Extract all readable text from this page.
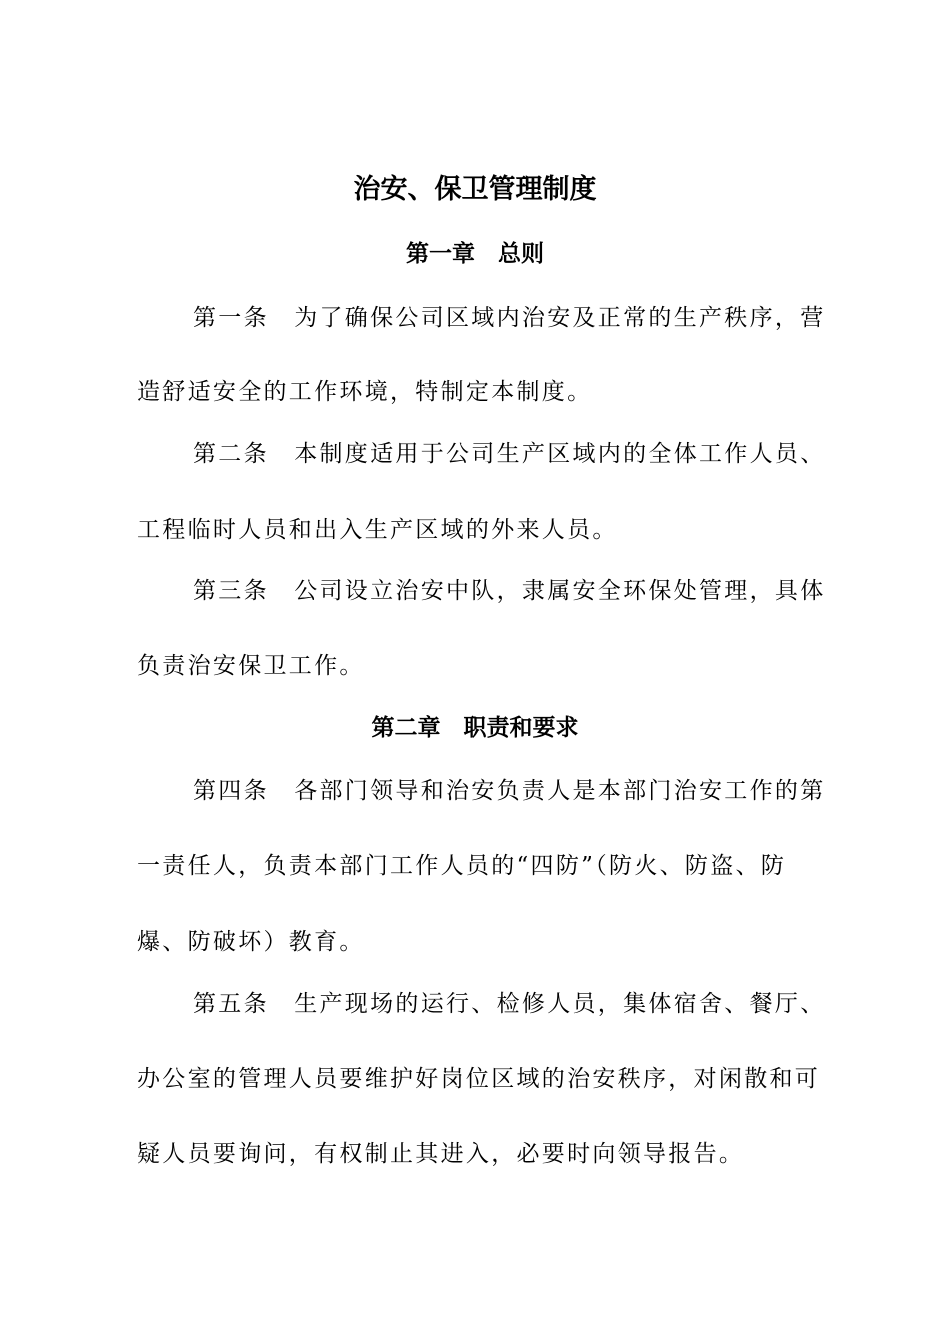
治安、保卫管理制度
第一章　总则

第一条　为了确保公司区域内治安及正常的生产秩序，营

造舒适安全的工作环境，特制定本制度。

第二条　本制度适用于公司生产区域内的全体工作人员、

工程临时人员和出入生产区域的外来人员。

第三条　公司设立治安中队，隶属安全环保处管理，具体

负责治安保卫工作。

第二章　职责和要求

第四条　各部门领导和治安负责人是本部门治安工作的第

一责任人，负责本部门工作人员的“四防”（防火、防盗、防

爆、防破坏）教育。

第五条　生产现场的运行、检修人员，集体宿舍、餐厅、

办公室的管理人员要维护好岗位区域的治安秩序，对闲散和可

疑人员要询问，有权制止其进入，必要时向领导报告。
